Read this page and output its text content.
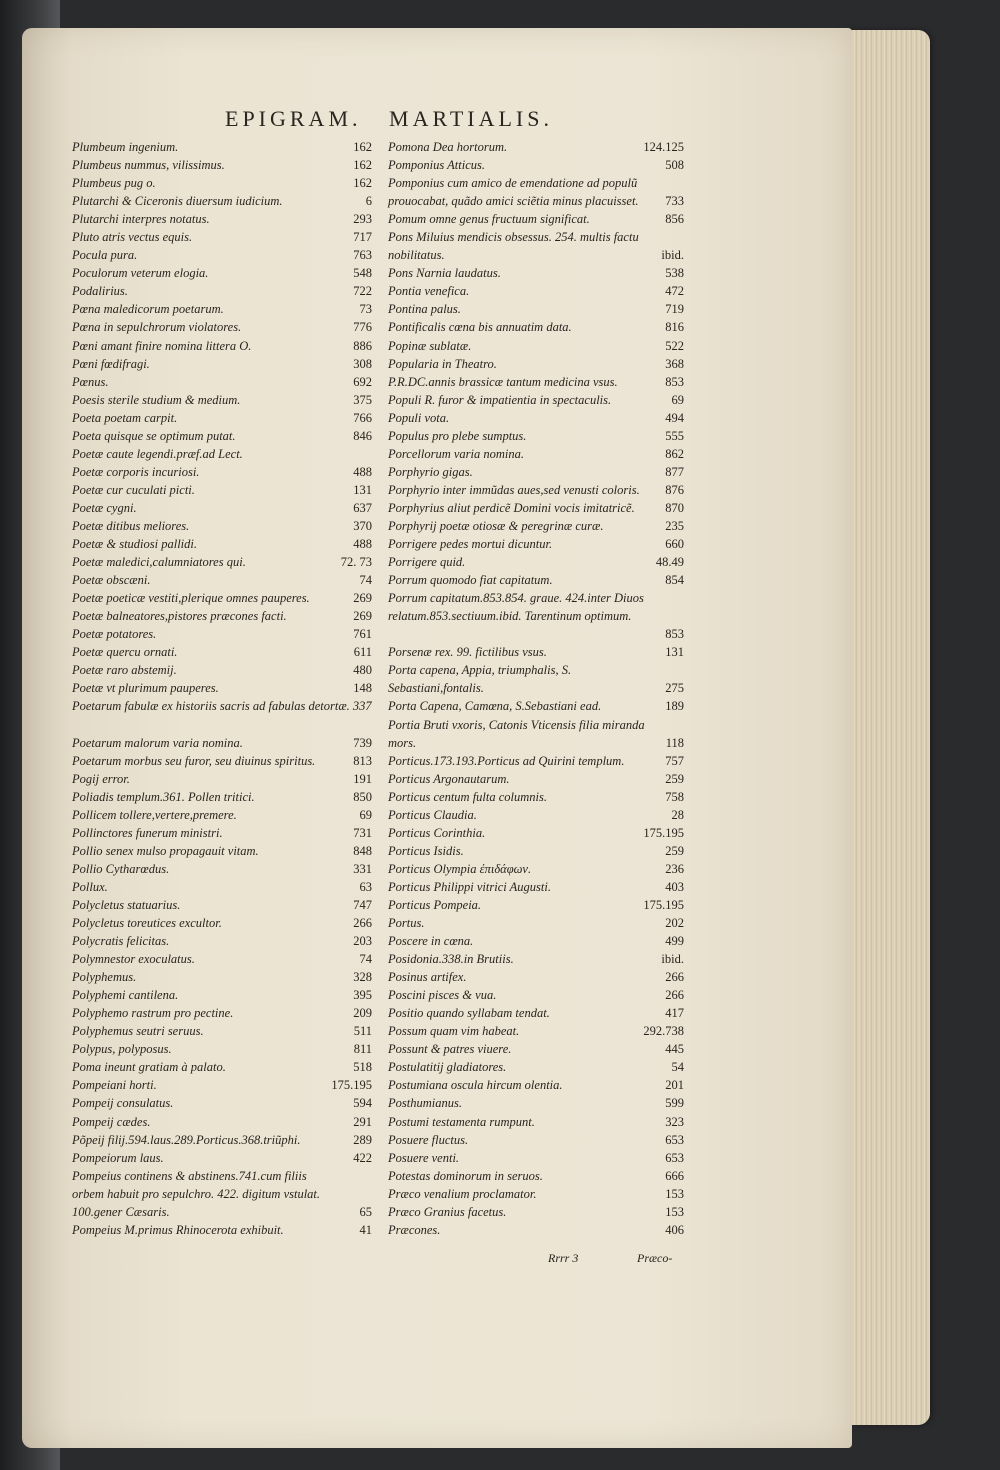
EPIGRAM. MARTIALIS.
Plumbeum ingenium.	162
Plumbeus nummus, vilissimus.	162
Plumbeus pug o.	162
Plutarchi & Ciceronis diuersum iudicium.	6
Plutarchi interpres notatus.	293
Pluto atris vectus equis.	717
Pocula pura.	763
Poculorum veterum elogia.	548
Podalirius.	722
Pœna maledicorum poetarum.	73
Pœna in sepulchrorum violatores.	776
Pœni amant finire nomina littera O.	886
Pœni fœdifragi.	308
Pœnus.	692
Poesis sterile studium & medium.	375
Poeta poetam carpit.	766
Poeta quisque se optimum putat.	846
Poetæ caute legendi.præf.ad Lect.
Poetæ corporis incuriosi.	488
Poetæ cur cuculati picti.	131
Poetæ cygni.	637
Poetæ ditibus meliores.	370
Poetæ & studiosi pallidi.	488
Poetæ maledici,calumniatores qui.	72. 73
Poetæ obscæni.	74
Poetæ poeticæ vestiti,plerique omnes pauperes.	269
Poetæ balneatores,pistores præcones facti.	269
Poetæ potatores.	761
Poetæ quercu ornati.	611
Poetæ raro abstemij.	480
Poetæ vt plurimum pauperes.	148
Poetarum fabulæ ex historiis sacris ad fabulas detortæ. 337
Poetarum malorum varia nomina.	739
Poetarum morbus seu furor, seu diuinus spiritus.	813
Pogij error.	191
Poliadis templum.361. Pollen tritici.	850
Pollicem tollere,vertere,premere.	69
Pollinctores funerum ministri.	731
Pollio senex mulso propagauit vitam.	848
Pollio Cytharœdus.	331
Pollux.	63
Polycletus statuarius.	747
Polycletus toreutices excultor.	266
Polycratis felicitas.	203
Polymnestor exoculatus.	74
Polyphemus.	328
Polyphemi cantilena.	395
Polyphemo rastrum pro pectine.	209
Polyphemus seutri seruus.	511
Polypus, polyposus.	811
Poma ineunt gratiam à palato.	518
Pompeiani horti.	175.195
Pompeij consulatus.	594
Pompeij cædes.	291
Põpeij filij.594.laus.289.Porticus.368.triũphi.	289
Pompeiorum laus.	422
Pompeius continens & abstinens.741.cum filiis orbem habuit pro sepulchro. 422. digitum vstulat. 100.gener Cæsaris.	65
Pompeius M.primus Rhinocerota exhibuit.	41
Pomona Dea hortorum.	124.125
Pomponius Atticus.	508
Pomponius cum amico de emendatione ad populũ prouocabat, quãdo amici sciẽtia minus placuisset.	733
Pomum omne genus fructuum significat.	856
Pons Miluius mendicis obsessus. 254. multis factu nobilitatus.	ibid.
Pons Narnia laudatus.	538
Pontia venefica.	472
Pontina palus.	719
Pontificalis cœna bis annuatim data.	816
Popinæ sublatæ.	522
Popularia in Theatro.	368
P.R.DC.annis brassicæ tantum medicina vsus.	853
Populi R. furor & impatientia in spectaculis.	69
Populi vota.	494
Populus pro plebe sumptus.	555
Porcellorum varia nomina.	862
Porphyrio gigas.	877
Porphyrio inter immũdas aues,sed venusti coloris.	876
Porphyrius aliut perdicẽ Domini vocis imitatricẽ.	870
Porphyrij poetæ otiosæ & peregrinæ curæ.	235
Porrigere pedes mortui dicuntur.	660
Porrigere quid.	48.49
Porrum quomodo fiat capitatum.	854
Porrum capitatum.853.854. graue. 424.inter Diuos relatum.853.sectiuum.ibid. Tarentinum optimum.
853
Porsenæ rex. 99. fictilibus vsus.	131
Porta capena, Appia, triumphalis, S. Sebastiani,fontalis.	275
Porta Capena, Camœna, S.Sebastiani ead.	189
Portia Bruti vxoris, Catonis Vticensis filia miranda mors.	118
Porticus.173.193.Porticus ad Quirini templum.	757
Porticus Argonautarum.	259
Porticus centum fulta columnis.	758
Porticus Claudia.	28
Porticus Corinthia.	175.195
Porticus Isidis.	259
Porticus Olympia ἐπιδάφων.	236
Porticus Philippi vitrici Augusti.	403
Porticus Pompeia.	175.195
Portus.	202
Poscere in cœna.	499
Posidonia.338.in Brutiis.	ibid.
Posinus artifex.	266
Poscini pisces & vua.	266
Positio quando syllabam tendat.	417
Possum quam vim habeat.	292.738
Possunt & patres viuere.	445
Postulatitij gladiatores.	54
Postumiana oscula hircum olentia.	201
Posthumianus.	599
Postumi testamenta rumpunt.	323
Posuere fluctus.	653
Posuere venti.	653
Potestas dominorum in seruos.	666
Præco venalium proclamator.	153
Præco Granius facetus.	153
Præcones.	406
Rrrr 3	Præco-
